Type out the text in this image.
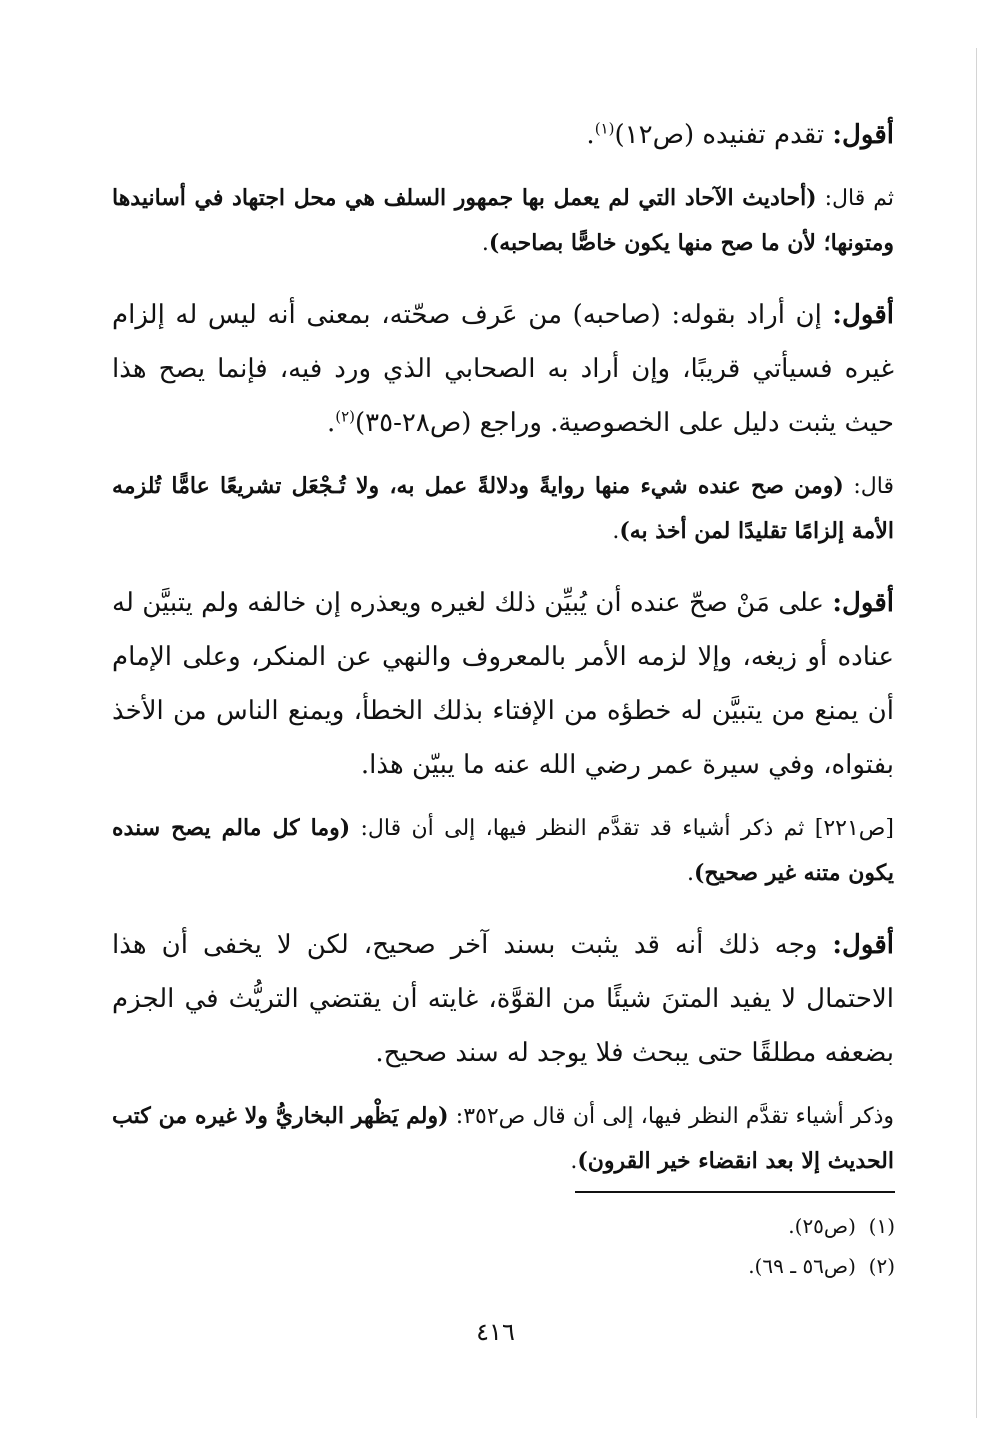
أقول: تقدم تفنيده (ص١٢)$^{(١)}$.

ثم قال: (أحاديث الآحاد التي لم يعمل بها جمهور السلف هي محل اجتهاد في أسانيدها ومتونها؛ لأن ما صح منها يكون خاصًّا بصاحبه).

أقول: إن أراد بقوله: (صاحبه) من عَرف صحّته، بمعنى أنه ليس له إلزام غيره فسيأتي قريبًا، وإن أراد به الصحابي الذي ورد فيه، فإنما يصح هذا حيث يثبت دليل على الخصوصية. وراجع (ص٢٨-٣٥)$^{(٢)}$.

قال: (ومن صح عنده شيء منها روايةً ودلالةً عمل به، ولا تُـجْعَل تشريعًا عامًّا تُلزمه الأمة إلزامًا تقليدًا لمن أخذ به).

أقول: على مَنْ صحّ عنده أن يُبيِّن ذلك لغيره ويعذره إن خالفه ولم يتبيَّن له عناده أو زيغه، وإلا لزمه الأمر بالمعروف والنهي عن المنكر، وعلى الإمام أن يمنع من يتبيَّن له خطؤه من الإفتاء بذلك الخطأ، ويمنع الناس من الأخذ بفتواه، وفي سيرة عمر رضي الله عنه ما يبيّن هذا.

[ص٢٢١] ثم ذكر أشياء قد تقدَّم النظر فيها، إلى أن قال: (وما كل مالم يصح سنده يكون متنه غير صحيح).

أقول: وجه ذلك أنه قد يثبت بسند آخر صحيح، لكن لا يخفى أن هذا الاحتمال لا يفيد المتنَ شيئًا من القوَّة، غايته أن يقتضي التريُّث في الجزم بضعفه مطلقًا حتى يبحث فلا يوجد له سند صحيح.

وذكر أشياء تقدَّم النظر فيها، إلى أن قال ص٣٥٢: (ولم يَظْهر البخاريُّ ولا غيره من كتب الحديث إلا بعد انقضاء خير القرون).

(١)  (ص٢٥).

(٢)  (ص٥٦ ـ ٦٩).

٤١٦
